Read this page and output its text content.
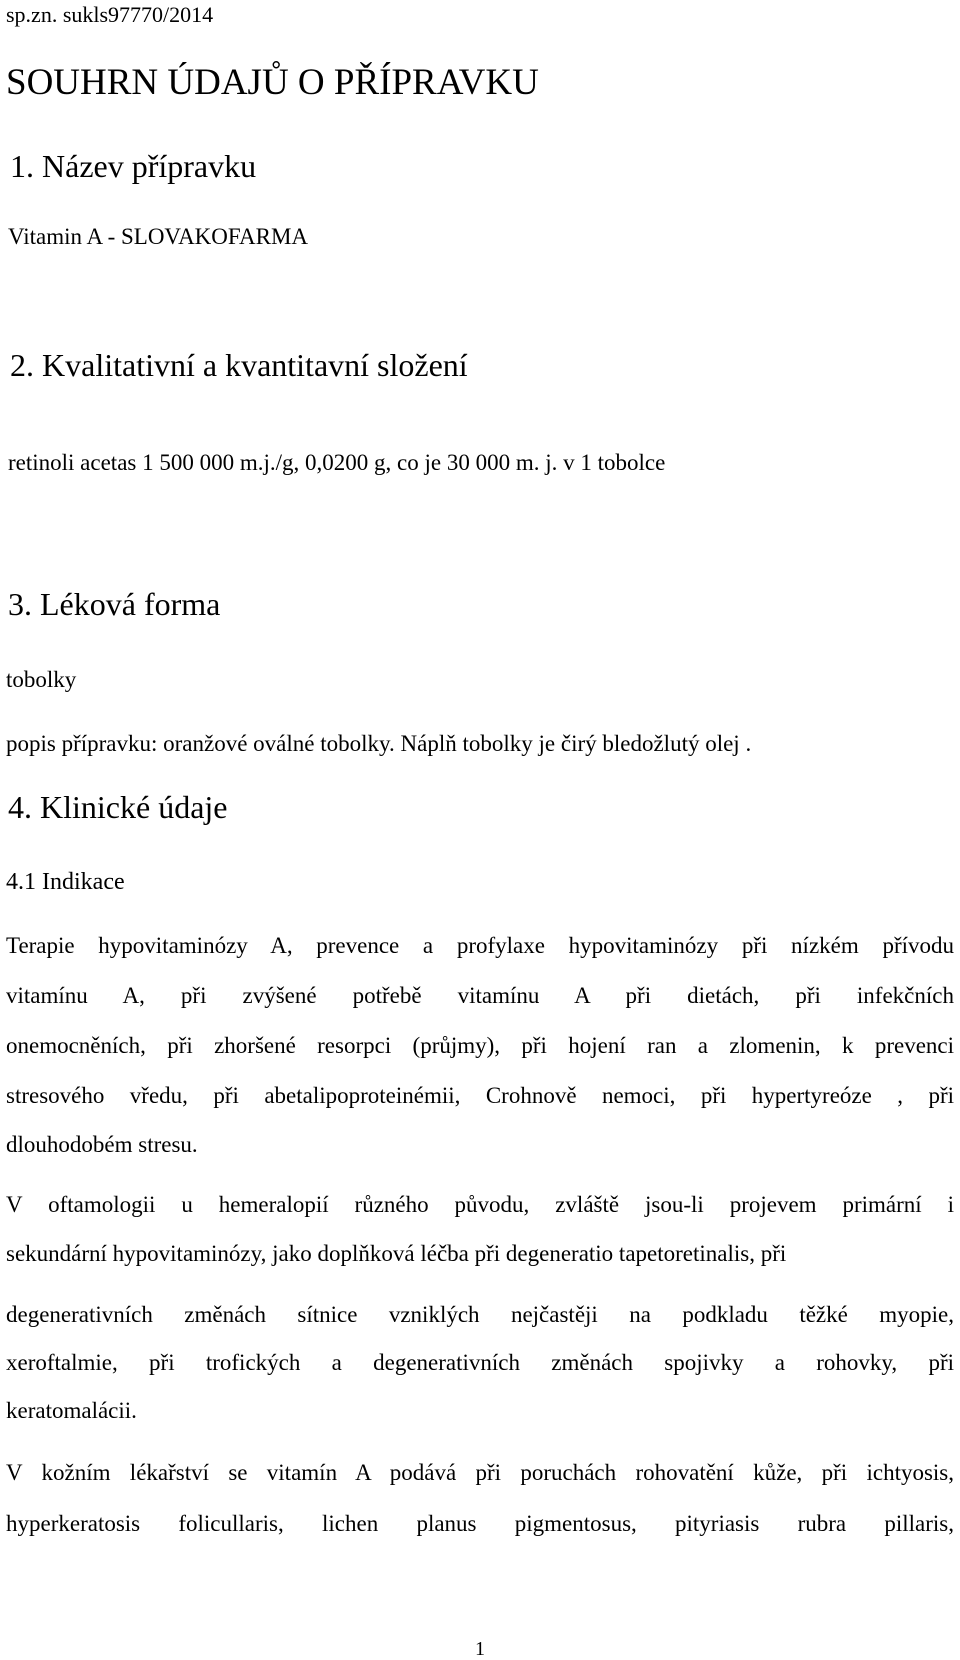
sp.zn. sukls97770/2014
SOUHRN ÚDAJŮ O PŘÍPRAVKU
1. Název přípravku
Vitamin A - SLOVAKOFARMA
2. Kvalitativní a kvantitavní složení
retinoli acetas 1 500 000 m.j./g, 0,0200 g, co je 30 000 m. j. v 1 tobolce
3. Léková forma
tobolky
popis přípravku: oranžové oválné tobolky. Náplň tobolky je čirý bledožlutý olej .
4. Klinické údaje
4.1 Indikace
Terapie hypovitaminózy A, prevence a profylaxe hypovitaminózy při nízkém přívodu
vitamínu A, při zvýšené potřebě vitamínu A při dietách, při infekčních
onemocněních, při zhoršené resorpci (průjmy), při hojení ran a zlomenin, k prevenci
stresového vředu, při abetalipoproteinémii, Crohnově nemoci, při hypertyreóze , při
dlouhodobém stresu.
V oftamologii u hemeralopií různého původu, zvláště jsou-li projevem primární i
sekundární hypovitaminózy, jako doplňková léčba při degeneratio tapetoretinalis, při
degenerativních změnách sítnice vzniklých nejčastěji na podkladu těžké myopie,
xeroftalmie, při trofických a degenerativních změnách spojivky a rohovky, při
keratomalácii.
V kožním lékařství se vitamín A podává při poruchách rohovatění kůže, při ichtyosis,
hyperkeratosis folicullaris, lichen planus pigmentosus, pityriasis rubra pillaris,
1
